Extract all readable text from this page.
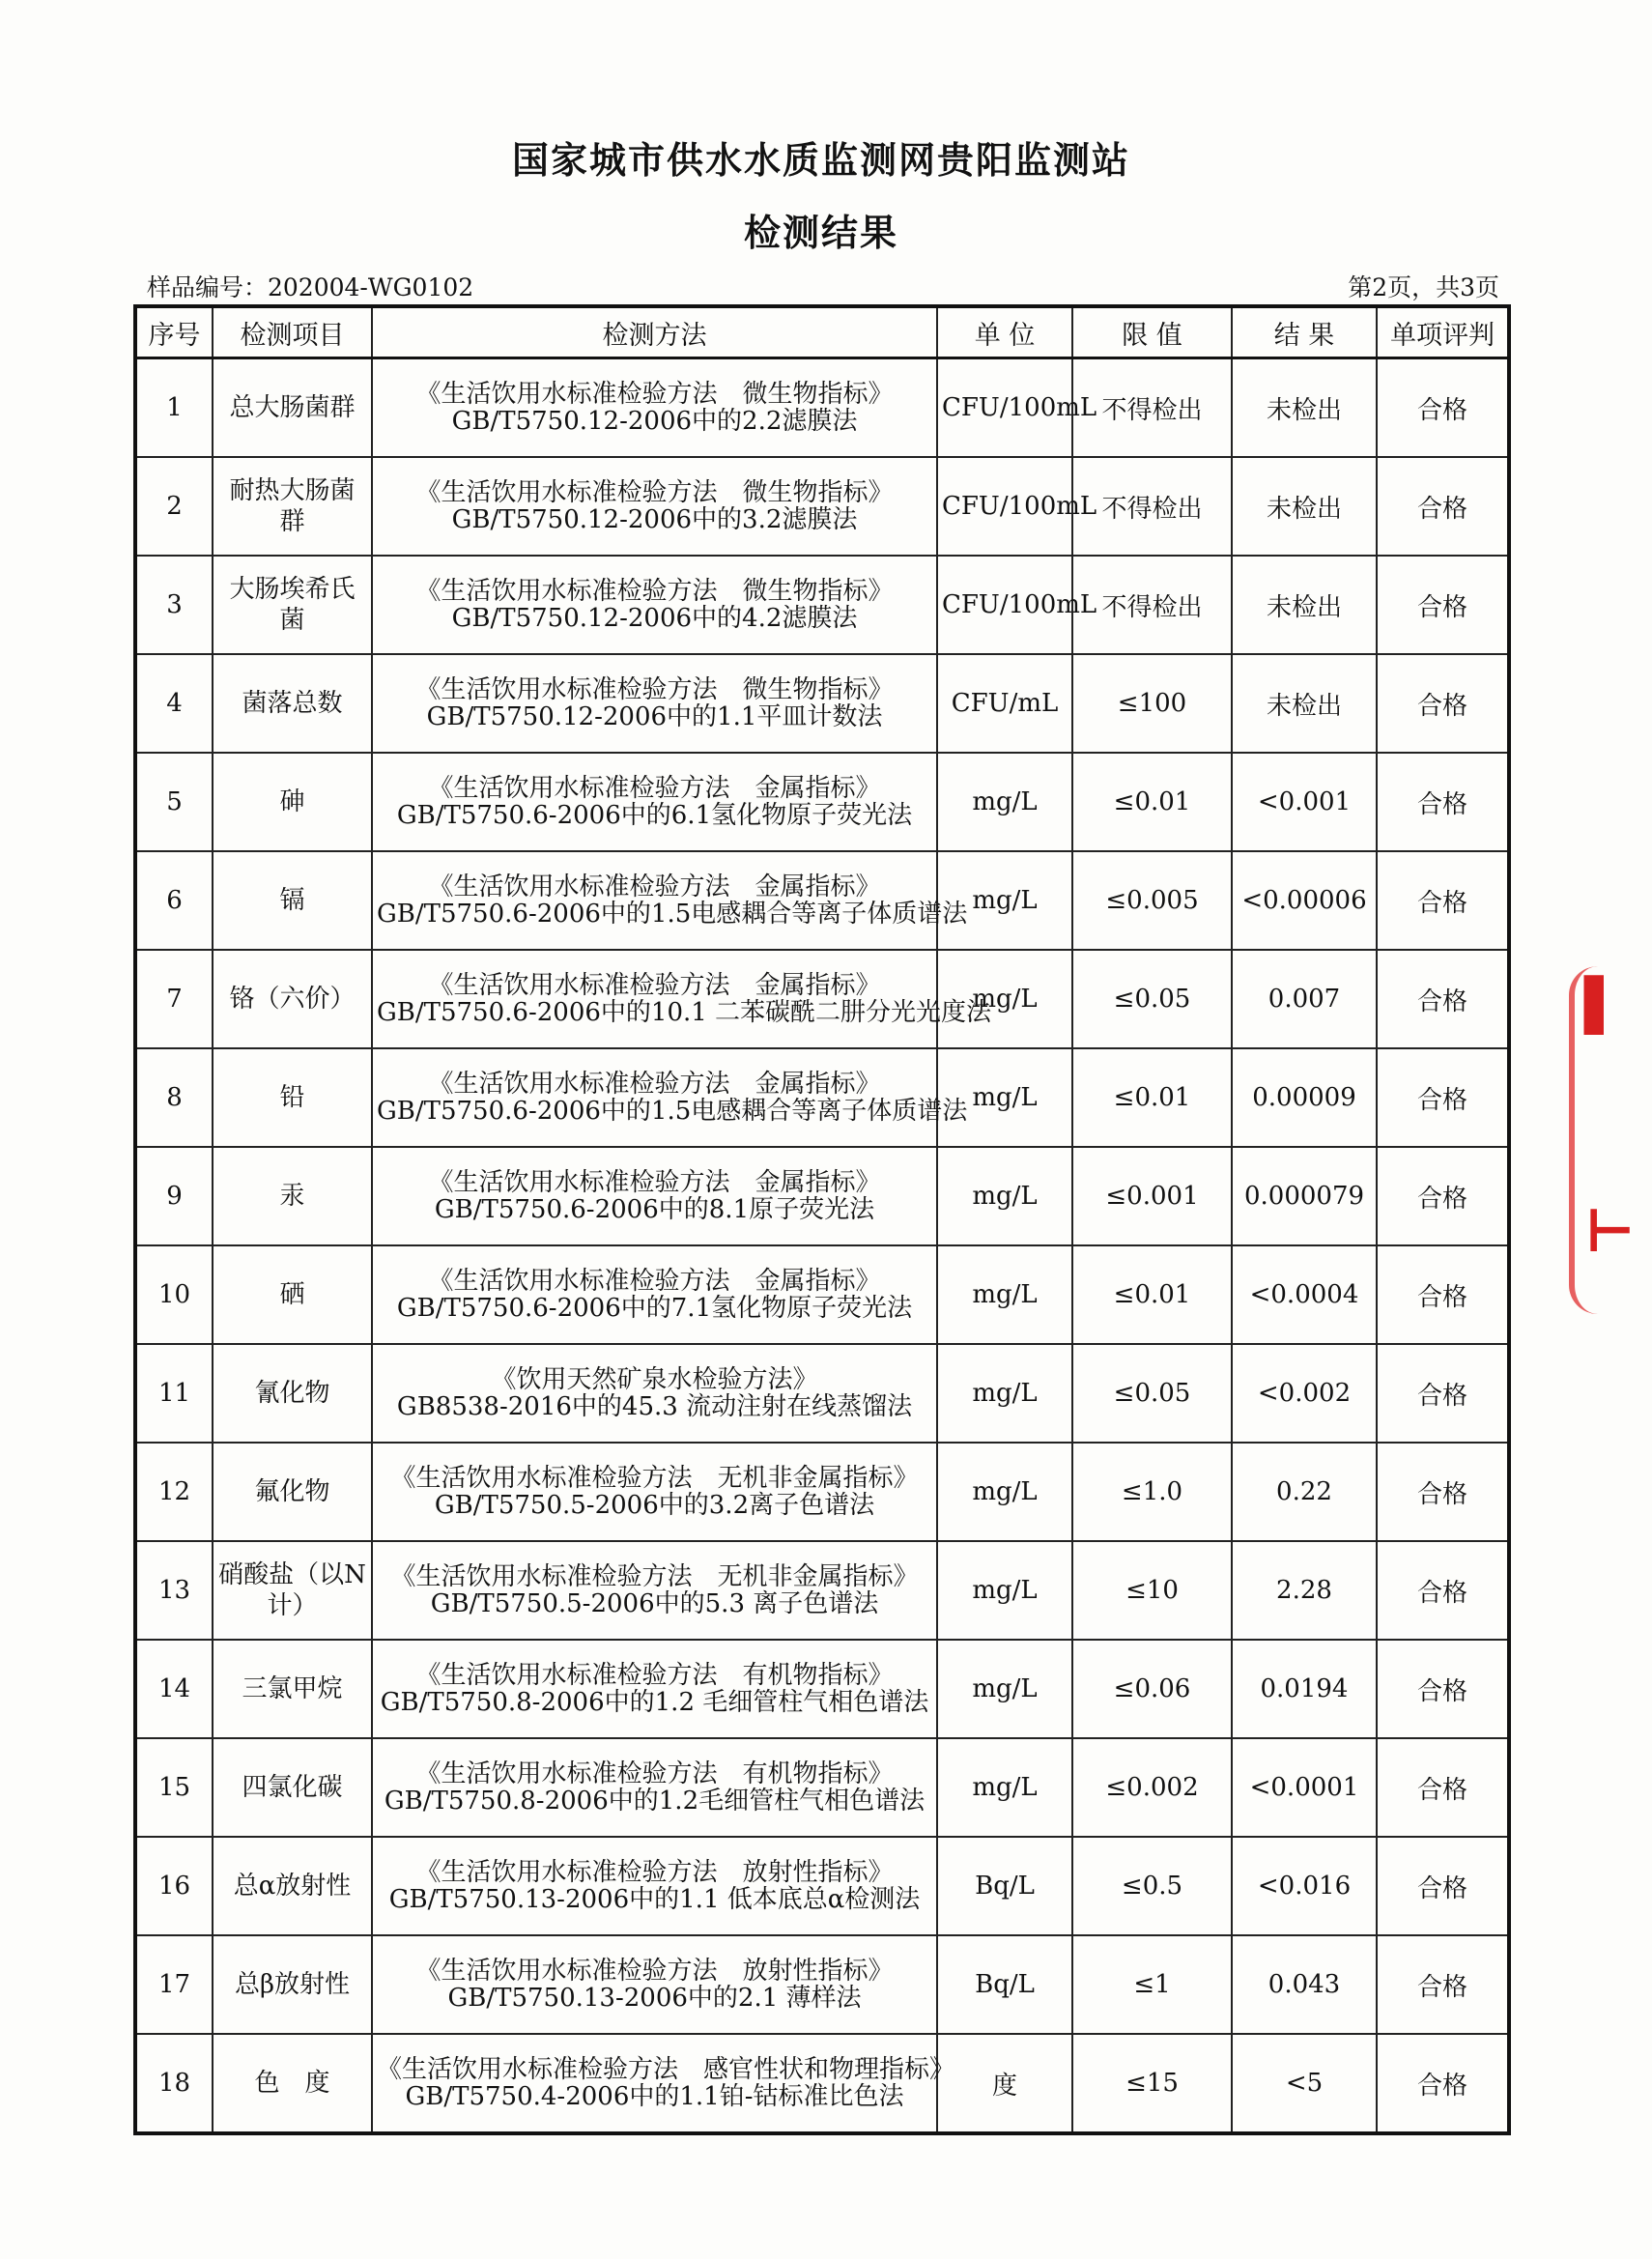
国家城市供水水质监测网贵阳监测站
检测结果
样品编号：202004-WG0102	第2页，共3页
序号	检测项目	检测方法	单 位	限 值	结 果	单项评判
1	总大肠菌群	《生活饮用水标准检验方法　微生物指标》
GB/T5750.12-2006中的2.2滤膜法	CFU/100mL	不得检出	未检出	合格
2	耐热大肠菌群	《生活饮用水标准检验方法　微生物指标》
GB/T5750.12-2006中的3.2滤膜法	CFU/100mL	不得检出	未检出	合格
3	大肠埃希氏菌	《生活饮用水标准检验方法　微生物指标》
GB/T5750.12-2006中的4.2滤膜法	CFU/100mL	不得检出	未检出	合格
4	菌落总数	《生活饮用水标准检验方法　微生物指标》
GB/T5750.12-2006中的1.1平皿计数法	CFU/mL	≤100	未检出	合格
5	砷	《生活饮用水标准检验方法　金属指标》
GB/T5750.6-2006中的6.1氢化物原子荧光法	mg/L	≤0.01	<0.001	合格
6	镉	《生活饮用水标准检验方法　金属指标》
GB/T5750.6-2006中的1.5电感耦合等离子体质谱法	mg/L	≤0.005	<0.00006	合格
7	铬（六价）	《生活饮用水标准检验方法　金属指标》
GB/T5750.6-2006中的10.1 二苯碳酰二肼分光光度法	mg/L	≤0.05	0.007	合格
8	铅	《生活饮用水标准检验方法　金属指标》
GB/T5750.6-2006中的1.5电感耦合等离子体质谱法	mg/L	≤0.01	0.00009	合格
9	汞	《生活饮用水标准检验方法　金属指标》
GB/T5750.6-2006中的8.1原子荧光法	mg/L	≤0.001	0.000079	合格
10	硒	《生活饮用水标准检验方法　金属指标》
GB/T5750.6-2006中的7.1氢化物原子荧光法	mg/L	≤0.01	<0.0004	合格
11	氰化物	《饮用天然矿泉水检验方法》
GB8538-2016中的45.3 流动注射在线蒸馏法	mg/L	≤0.05	<0.002	合格
12	氟化物	《生活饮用水标准检验方法　无机非金属指标》
GB/T5750.5-2006中的3.2离子色谱法	mg/L	≤1.0	0.22	合格
13	硝酸盐（以N计）	《生活饮用水标准检验方法　无机非金属指标》
GB/T5750.5-2006中的5.3 离子色谱法	mg/L	≤10	2.28	合格
14	三氯甲烷	《生活饮用水标准检验方法　有机物指标》
GB/T5750.8-2006中的1.2 毛细管柱气相色谱法	mg/L	≤0.06	0.0194	合格
15	四氯化碳	《生活饮用水标准检验方法　有机物指标》
GB/T5750.8-2006中的1.2毛细管柱气相色谱法	mg/L	≤0.002	<0.0001	合格
16	总α放射性	《生活饮用水标准检验方法　放射性指标》
GB/T5750.13-2006中的1.1 低本底总α检测法	Bq/L	≤0.5	<0.016	合格
17	总β放射性	《生活饮用水标准检验方法　放射性指标》
GB/T5750.13-2006中的2.1 薄样法	Bq/L	≤1	0.043	合格
18	色　度	《生活饮用水标准检验方法　感官性状和物理指标》
GB/T5750.4-2006中的1.1铂-钴标准比色法	度	≤15	<5	合格
▌
⊢
